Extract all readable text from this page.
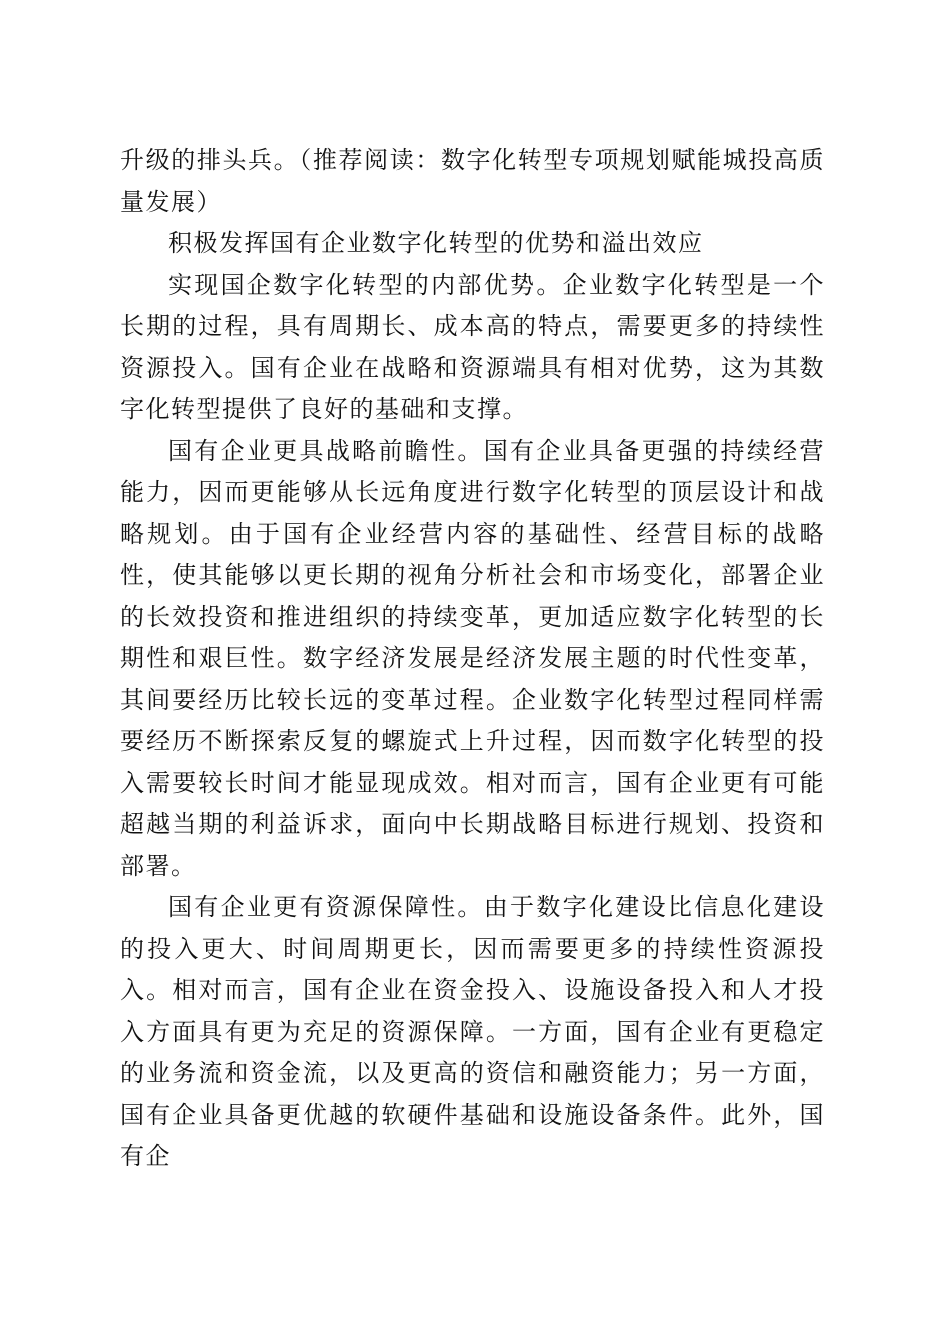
升级的排头兵。（推荐阅读：数字化转型专项规划赋能城投高质量发展）

积极发挥国有企业数字化转型的优势和溢出效应

实现国企数字化转型的内部优势。企业数字化转型是一个长期的过程，具有周期长、成本高的特点，需要更多的持续性资源投入。国有企业在战略和资源端具有相对优势，这为其数字化转型提供了良好的基础和支撑。

国有企业更具战略前瞻性。国有企业具备更强的持续经营能力，因而更能够从长远角度进行数字化转型的顶层设计和战略规划。由于国有企业经营内容的基础性、经营目标的战略性，使其能够以更长期的视角分析社会和市场变化，部署企业的长效投资和推进组织的持续变革，更加适应数字化转型的长期性和艰巨性。数字经济发展是经济发展主题的时代性变革，其间要经历比较长远的变革过程。企业数字化转型过程同样需要经历不断探索反复的螺旋式上升过程，因而数字化转型的投入需要较长时间才能显现成效。相对而言，国有企业更有可能超越当期的利益诉求，面向中长期战略目标进行规划、投资和部署。

国有企业更有资源保障性。由于数字化建设比信息化建设的投入更大、时间周期更长，因而需要更多的持续性资源投入。相对而言，国有企业在资金投入、设施设备投入和人才投入方面具有更为充足的资源保障。一方面，国有企业有更稳定的业务流和资金流，以及更高的资信和融资能力；另一方面，国有企业具备更优越的软硬件基础和设施设备条件。此外，国有企
